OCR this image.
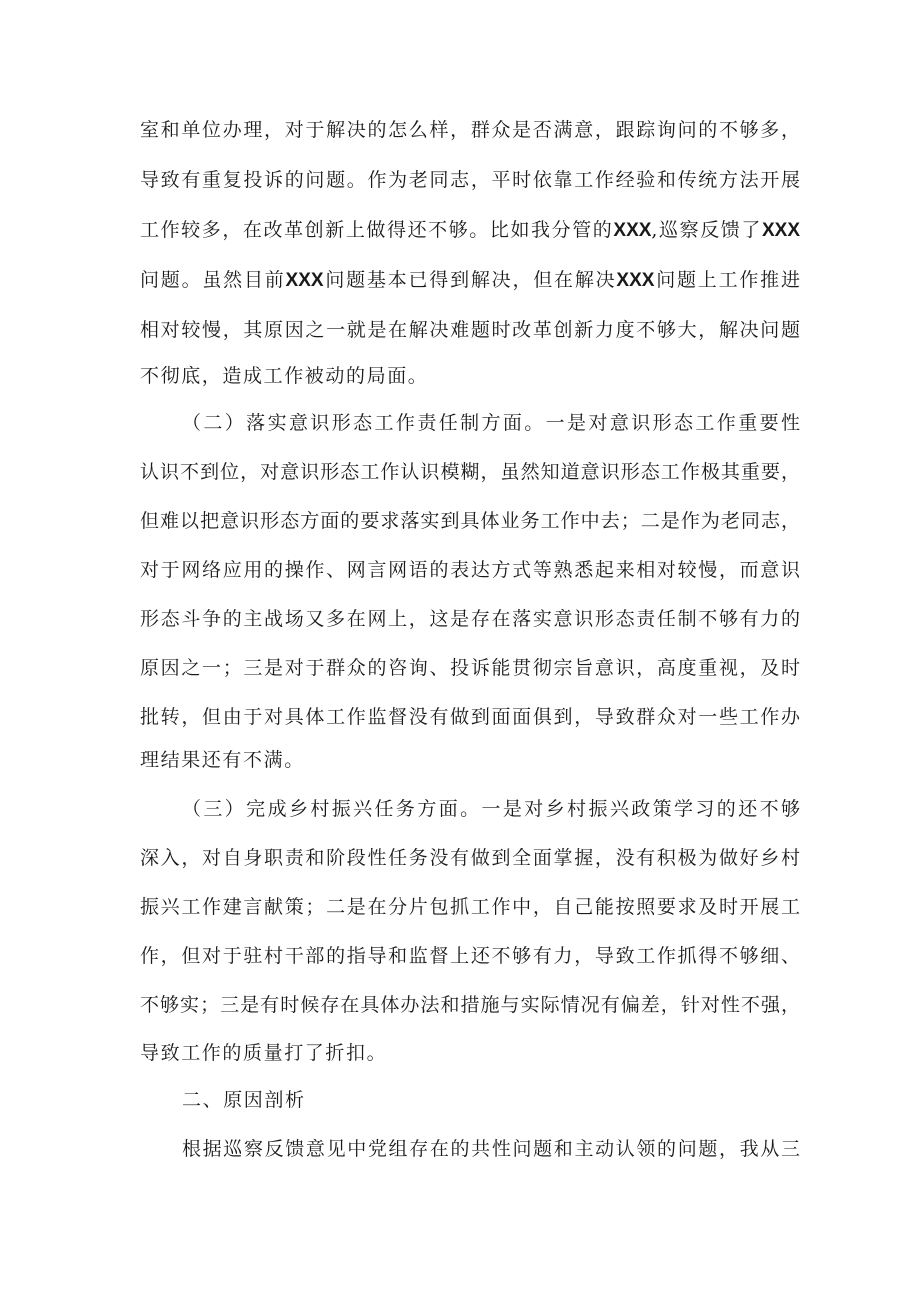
室和单位办理，对于解决的怎么样，群众是否满意，跟踪询问的不够多，
导致有重复投诉的问题。作为老同志，平时依靠工作经验和传统方法开展
工作较多，在改革创新上做得还不够。比如我分管的XXX,巡察反馈了XXX
问题。虽然目前XXX问题基本已得到解决，但在解决XXX问题上工作推进
相对较慢，其原因之一就是在解决难题时改革创新力度不够大，解决问题
不彻底，造成工作被动的局面。
（二）落实意识形态工作责任制方面。一是对意识形态工作重要性
认识不到位，对意识形态工作认识模糊，虽然知道意识形态工作极其重要，
但难以把意识形态方面的要求落实到具体业务工作中去；二是作为老同志，
对于网络应用的操作、网言网语的表达方式等熟悉起来相对较慢，而意识
形态斗争的主战场又多在网上，这是存在落实意识形态责任制不够有力的
原因之一；三是对于群众的咨询、投诉能贯彻宗旨意识，高度重视，及时
批转，但由于对具体工作监督没有做到面面俱到，导致群众对一些工作办
理结果还有不满。
（三）完成乡村振兴任务方面。一是对乡村振兴政策学习的还不够
深入，对自身职责和阶段性任务没有做到全面掌握，没有积极为做好乡村
振兴工作建言献策；二是在分片包抓工作中，自己能按照要求及时开展工
作，但对于驻村干部的指导和监督上还不够有力，导致工作抓得不够细、
不够实；三是有时候存在具体办法和措施与实际情况有偏差，针对性不强，
导致工作的质量打了折扣。
二、原因剖析
根据巡察反馈意见中党组存在的共性问题和主动认领的问题，我从三
